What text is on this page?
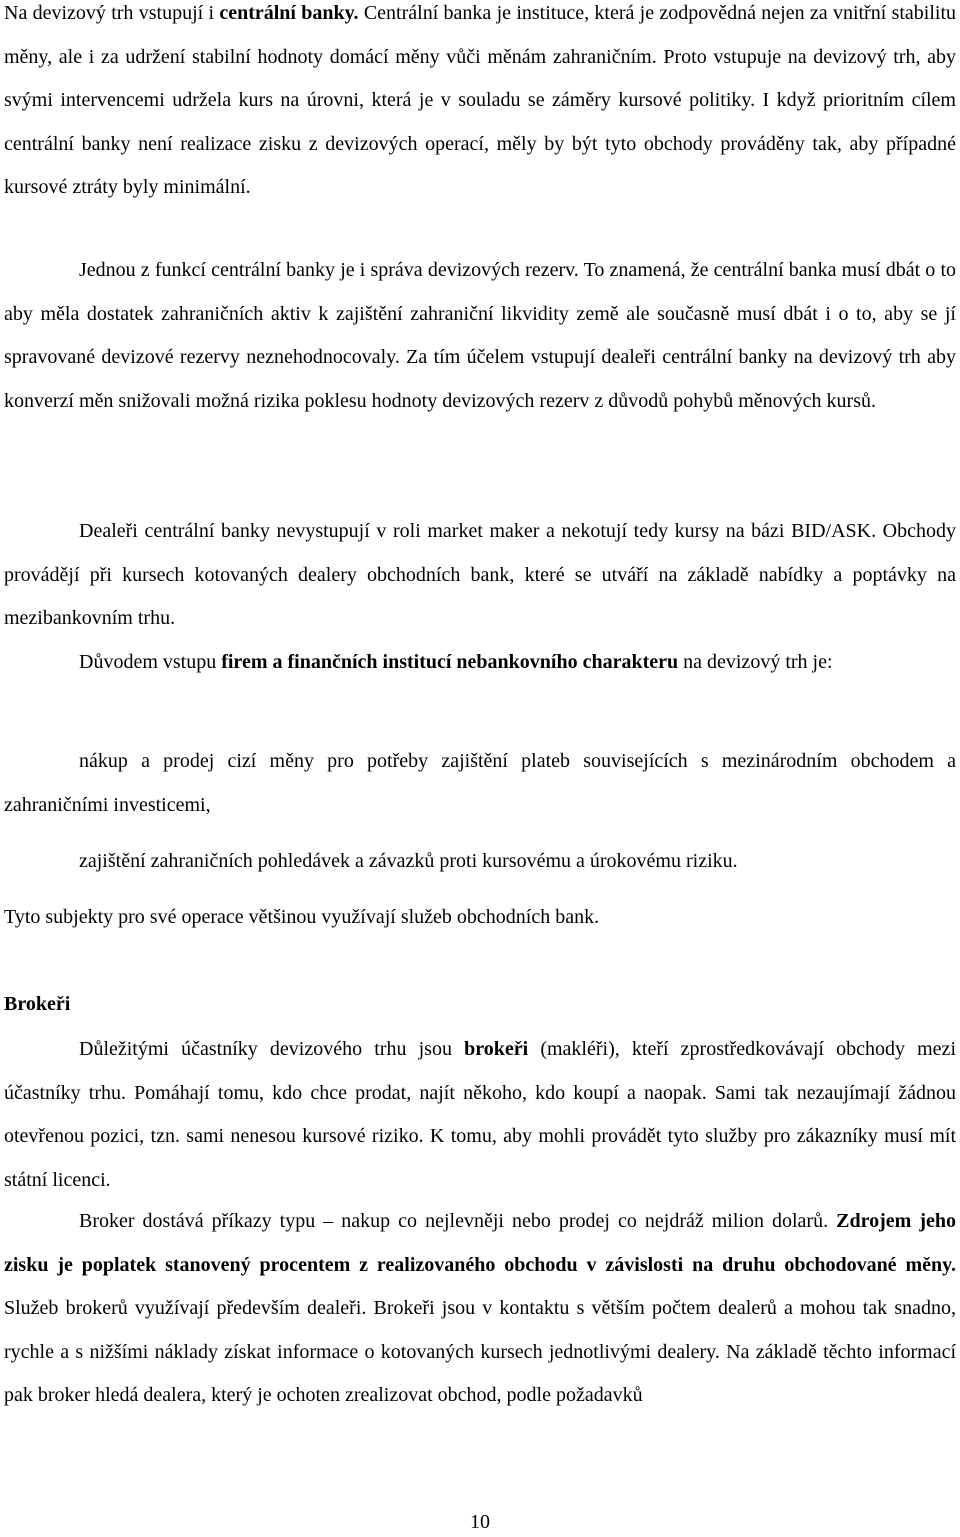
Na devizový trh vstupují i centrální banky. Centrální banka je instituce, která je zodpovědná nejen za vnitřní stabilitu měny, ale i za udržení stabilní hodnoty domácí měny vůči měnám zahraničním. Proto vstupuje na devizový trh, aby svými intervencemi udržela kurs na úrovni, která je v souladu se záměry kursové politiky. I když prioritním cílem centrální banky není realizace zisku z devizových operací, měly by být tyto obchody prováděny tak, aby případné kursové ztráty byly minimální.

Jednou z funkcí centrální banky je i správa devizových rezerv. To znamená, že centrální banka musí dbát o to aby měla dostatek zahraničních aktiv k zajištění zahraniční likvidity země ale současně musí dbát i o to, aby se jí spravované devizové rezervy neznehodnocovaly. Za tím účelem vstupují dealeři centrální banky na devizový trh aby konverzí měn snižovali možná rizika poklesu hodnoty devizových rezerv z důvodů pohybů měnových kursů.

Dealeři centrální banky nevystupují v roli market maker a nekotují tedy kursy na bázi BID/ASK. Obchody provádějí při kursech kotovaných dealery obchodních bank, které se utváří na základě nabídky a poptávky na mezibankovním trhu.

Důvodem vstupu firem a finančních institucí nebankovního charakteru na devizový trh je:

nákup a prodej cizí měny pro potřeby zajištění plateb souvisejících s mezinárodním obchodem a zahraničními investicemi,

zajištění zahraničních pohledávek a závazků proti kursovému a úrokovému riziku.

Tyto subjekty pro své operace většinou využívají služeb obchodních bank.

Brokeři

Důležitými účastníky devizového trhu jsou brokeři (makléři), kteří zprostředkovávají obchody mezi účastníky trhu. Pomáhají tomu, kdo chce prodat, najít někoho, kdo koupí a naopak. Sami tak nezaujímají žádnou otevřenou pozici, tzn. sami nenesou kursové riziko. K tomu, aby mohli provádět tyto služby pro zákazníky musí mít státní licenci.

Broker dostává příkazy typu – nakup co nejlevněji nebo prodej co nejdráž milion dolarů. Zdrojem jeho zisku je poplatek stanovený procentem z realizovaného obchodu v závislosti na druhu obchodované měny. Služeb brokerů využívají především dealeři. Brokeři jsou v kontaktu s větším počtem dealerů a mohou tak snadno, rychle a s nižšími náklady získat informace o kotovaných kursech jednotlivými dealery. Na základě těchto informací pak broker hledá dealera, který je ochoten zrealizovat obchod, podle požadavků

10
